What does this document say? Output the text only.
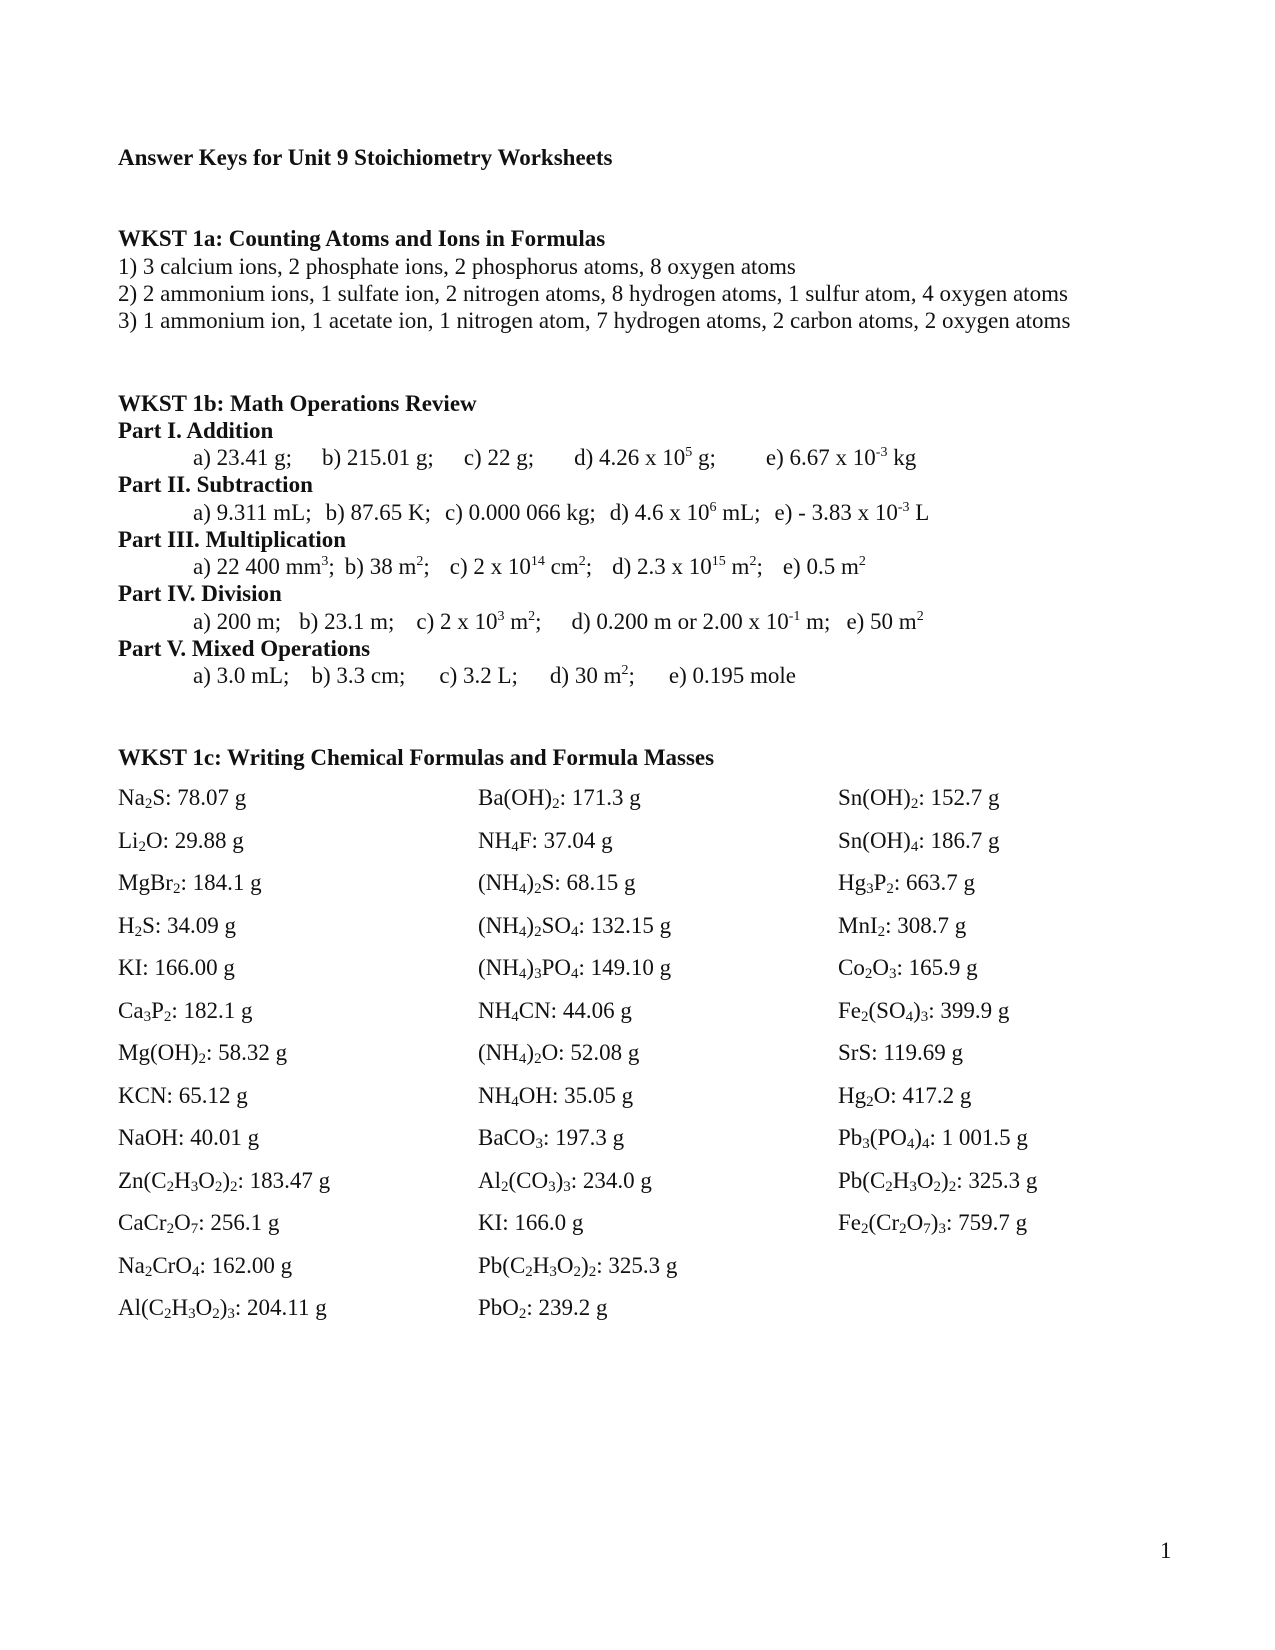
Answer Keys for Unit 9 Stoichiometry Worksheets
WKST 1a: Counting Atoms and Ions in Formulas
1) 3 calcium ions, 2 phosphate ions, 2 phosphorus atoms, 8 oxygen atoms
2) 2 ammonium ions, 1 sulfate ion, 2 nitrogen atoms, 8 hydrogen atoms, 1 sulfur atom, 4 oxygen atoms
3) 1 ammonium ion, 1 acetate ion, 1 nitrogen atom, 7 hydrogen atoms, 2 carbon atoms, 2 oxygen atoms
WKST 1b: Math Operations Review
Part I. Addition
a) 23.41 g; b) 215.01 g; c) 22 g; d) 4.26 x $10^5$ g; e) 6.67 x $10^{-3}$ kg
Part II. Subtraction
a) 9.311 mL; b) 87.65 K; c) 0.000 066 kg; d) 4.6 x $10^6$ mL; e) - 3.83 x $10^{-3}$ L
Part III. Multiplication
a) 22 400 $mm^3$; b) 38 $m^2$; c) 2 x $10^{14}$ $cm^2$; d) 2.3 x $10^{15}$ $m^2$; e) 0.5 $m^2$
Part IV. Division
a) 200 m; b) 23.1 m; c) 2 x $10^3$ $m^2$; d) 0.200 m or 2.00 x $10^{-1}$ m; e) 50 $m^2$
Part V. Mixed Operations
a) 3.0 mL; b) 3.3 cm; c) 3.2 L; d) 30 $m^2$; e) 0.195 mole
WKST 1c: Writing Chemical Formulas and Formula Masses
$Na_2S$: 78.07 g
$Li_2O$: 29.88 g
MgBr$_2$: 184.1 g
$H_2S$: 34.09 g
KI: 166.00 g
$Ca_3P_2$: 182.1 g
$Mg(OH)_2$: 58.32 g
KCN: 65.12 g
NaOH: 40.01 g
$Zn(C_2H_3O_2)_2$: 183.47 g
$CaCr_2O_7$: 256.1 g
$Na_2CrO_4$: 162.00 g
$Al(C_2H_3O_2)_3$: 204.11 g
$Ba(OH)_2$: 171.3 g
$NH_4F$: 37.04 g
$(NH_4)_2S$: 68.15 g
$(NH_4)_2SO_4$: 132.15 g
$(NH_4)_3PO_4$: 149.10 g
$NH_4CN$: 44.06 g
$(NH_4)_2O$: 52.08 g
$NH_4OH$: 35.05 g
BaCO$_3$: 197.3 g
$Al_2(CO_3)_3$: 234.0 g
KI: 166.0 g
$Pb(C_2H_3O_2)_2$: 325.3 g
PbO$_2$: 239.2 g
$Sn(OH)_2$: 152.7 g
$Sn(OH)_4$: 186.7 g
$Hg_3P_2$: 663.7 g
MnI$_2$: 308.7 g
$Co_2O_3$: 165.9 g
$Fe_2(SO_4)_3$: 399.9 g
SrS: 119.69 g
$Hg_2O$: 417.2 g
$Pb_3(PO_4)_4$: 1 001.5 g
$Pb(C_2H_3O_2)_2$: 325.3 g
$Fe_2(Cr_2O_7)_3$: 759.7 g
1
